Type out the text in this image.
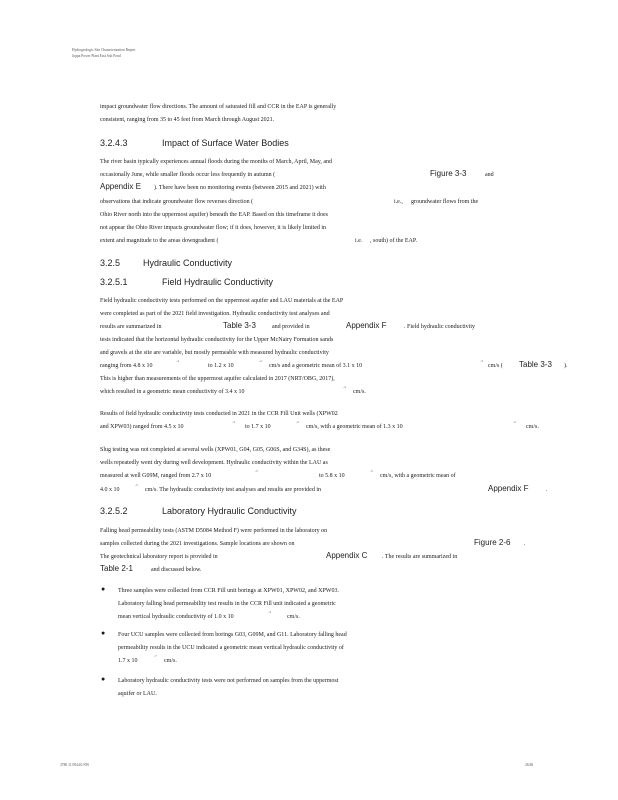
Hydrogeologic Site Characterization Report
Joppa Power Plant East Ash Pond
impact groundwater flow directions. The amount of saturated fill and CCR in the EAP is generally
consistent, ranging from 35 to 45 feet from March through August 2021.
3.2.4.3	Impact of Surface Water Bodies
The river basin typically experiences annual floods during the months of March, April, May, and
occasionally June, while smaller floods occur less frequently in autumn (	Figure 3-3	and
Appendix E ). There have been no monitoring events (between 2015 and 2021) with
observations that indicate groundwater flow reverses direction (	i.e., groundwater flows from the
Ohio River north into the uppermost aquifer) beneath the EAP. Based on this timeframe it does
not appear the Ohio River impacts groundwater flow; if it does, however, it is likely limited in
extent and magnitude to the areas downgradient (	i.e. , south) of the EAP.
3.2.5	Hydraulic Conductivity
3.2.5.1	Field Hydraulic Conductivity
Field hydraulic conductivity tests performed on the uppermost aquifer and LAU materials at the EAP
were completed as part of the 2021 field investigation. Hydraulic conductivity test analyses and
results are summarized in	Table 3-3	and provided in	Appendix F	. Field hydraulic conductivity
tests indicated that the horizontal hydraulic conductivity for the Upper McNairy Formation sands
and gravels at the site are variable, but mostly permeable with measured hydraulic conductivity
ranging from 4.8 x 10
-4
to 1.2 x 10
-2
cm/s and a geometric mean of 3.1 x 10
-3
cm/s ( Table 3-3 ).
This is higher than measurements of the uppermost aquifer calculated in 2017 (NRT/OBG, 2017),
which resulted in a geometric mean conductivity of 3.4 x 10
-4
cm/s.
Results of field hydraulic conductivity tests conducted in 2021 in the CCR Fill Unit wells (XPW02
and XPW03) ranged from 4.5 x 10
-3
to 1.7 x 10
-2
cm/s, with a geometric mean of 1.3 x 10
-2
cm/s.
Slug testing was not completed at several wells (XPW01, G04, G05, G06S, and G34S), as these
wells repeatedly went dry during well development. Hydraulic conductivity within the LAU as
measured at well G09M, ranged from 2.7 x 10
-5
to 5.8 x 10
-5
cm/s, with a geometric mean of
4.0 x 10
-5
cm/s. The hydraulic conductivity test analyses and results are provided in	Appendix F	.
3.2.5.2	Laboratory Hydraulic Conductivity
Falling head permeability tests (ASTM D5084 Method F) were performed in the laboratory on
samples collected during the 2021 investigations. Sample locations are shown on	Figure 2-6 .
The geotechnical laboratory report is provided in	Appendix C . The results are summarized in
Table 2-1	and discussed below.
● Three samples were collected from CCR Fill unit borings at XPW01, XPW02, and XPW03.
Laboratory falling head permeability test results in the CCR Fill unit indicated a geometric
mean vertical hydraulic conductivity of 1.0 x 10
-4
cm/s.
● Four UCU samples were collected from borings G03, G09M, and G11. Laboratory falling head
permeability results in the UCU indicated a geometric mean vertical hydraulic conductivity of
1.7 x 10
-7
cm/s.
● Laboratory hydraulic conductivity tests were not performed on samples from the uppermost
aquifer or LAU.
3780 11.0944.0.NW	26/48
